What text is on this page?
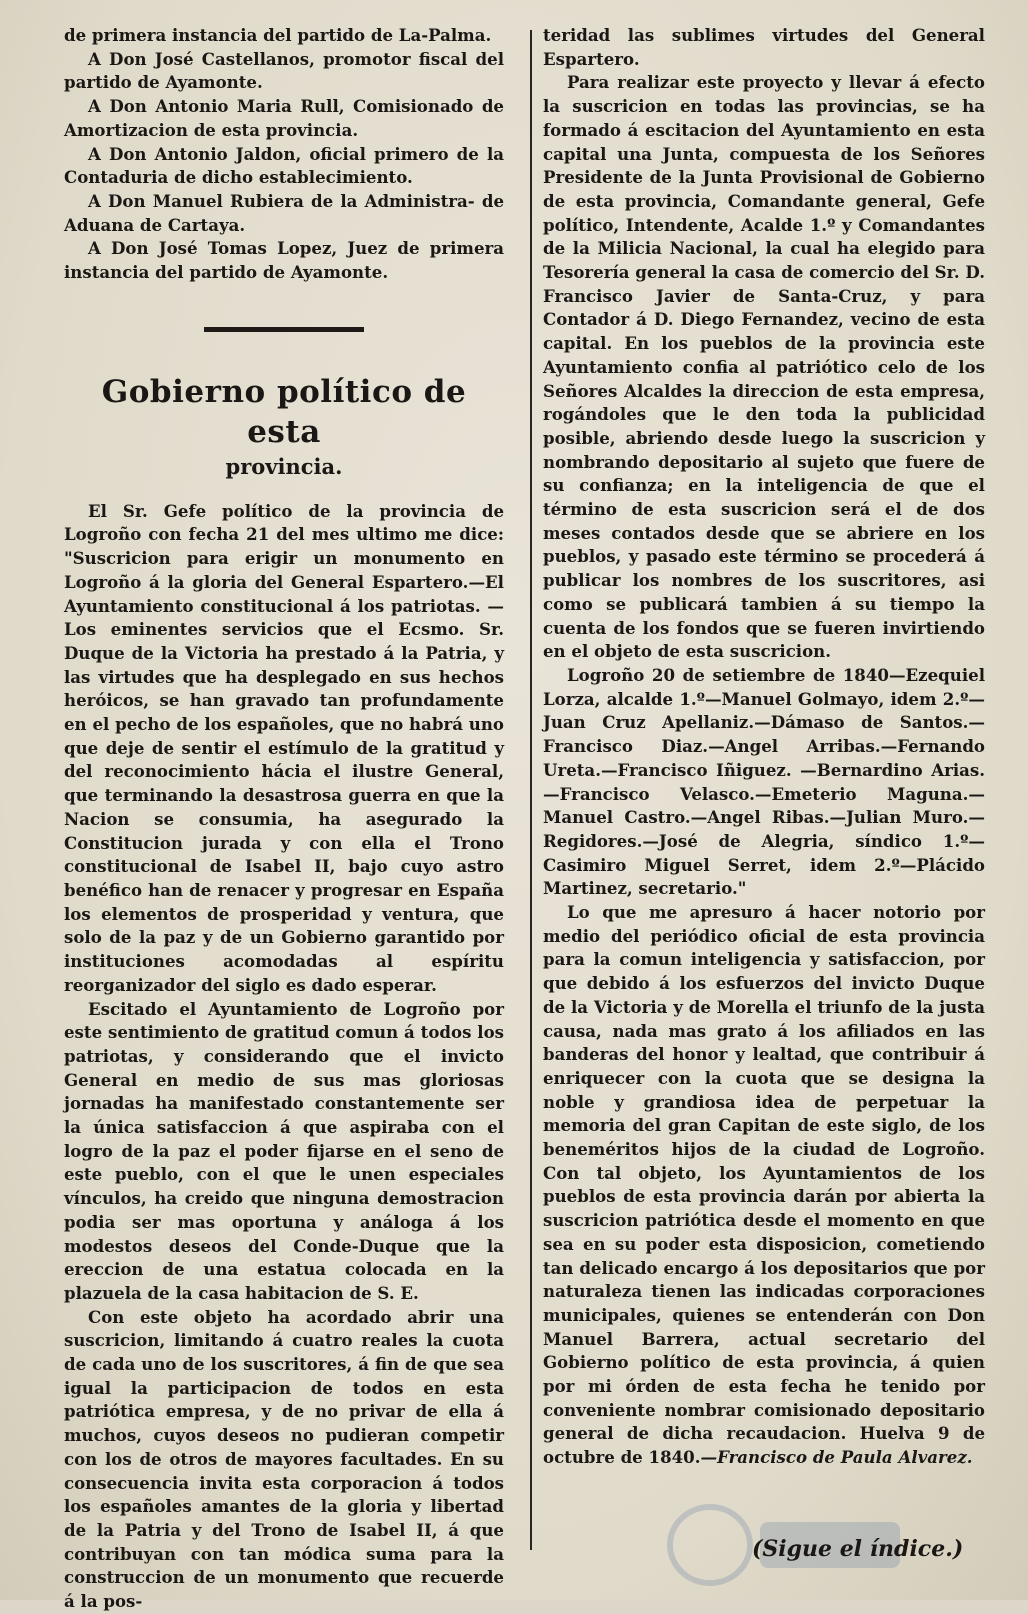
de primera instancia del partido de La-Palma.

A Don José Castellanos, promotor fiscal del partido de Ayamonte.

A Don Antonio Maria Rull, Comisionado de Amortizacion de esta provincia.

A Don Antonio Jaldon, oficial primero de la Contaduria de dicho establecimiento.

A Don Manuel Rubiera de la Administra- de Aduana de Cartaya.

A Don José Tomas Lopez, Juez de primera instancia del partido de Ayamonte.

Gobierno político de esta
provincia.

El Sr. Gefe político de la provincia de Logroño con fecha 21 del mes ultimo me dice: "Suscricion para erigir un monumento en Logroño á la gloria del General Espartero.—El Ayuntamiento constitucional á los patriotas. —Los eminentes servicios que el Ecsmo. Sr. Duque de la Victoria ha prestado á la Patria, y las virtudes que ha desplegado en sus hechos heróicos, se han gravado tan profundamente en el pecho de los españoles, que no habrá uno que deje de sentir el estímulo de la gratitud y del reconocimiento hácia el ilustre General, que terminando la desastrosa guerra en que la Nacion se consumia, ha asegurado la Constitucion jurada y con ella el Trono constitucional de Isabel II, bajo cuyo astro benéfico han de renacer y progresar en España los elementos de prosperidad y ventura, que solo de la paz y de un Gobierno garantido por instituciones acomodadas al espíritu reorganizador del siglo es dado esperar.

Escitado el Ayuntamiento de Logroño por este sentimiento de gratitud comun á todos los patriotas, y considerando que el invicto General en medio de sus mas gloriosas jornadas ha manifestado constantemente ser la única satisfaccion á que aspiraba con el logro de la paz el poder fijarse en el seno de este pueblo, con el que le unen especiales vínculos, ha creido que ninguna demostracion podia ser mas oportuna y análoga á los modestos deseos del Conde-Duque que la ereccion de una estatua colocada en la plazuela de la casa habitacion de S. E.

Con este objeto ha acordado abrir una suscricion, limitando á cuatro reales la cuota de cada uno de los suscritores, á fin de que sea igual la participacion de todos en esta patriótica empresa, y de no privar de ella á muchos, cuyos deseos no pudieran competir con los de otros de mayores facultades. En su consecuencia invita esta corporacion á todos los españoles amantes de la gloria y libertad de la Patria y del Trono de Isabel II, á que contribuyan con tan módica suma para la construccion de un monumento que recuerde á la pos-

teridad las sublimes virtudes del General Espartero.

Para realizar este proyecto y llevar á efecto la suscricion en todas las provincias, se ha formado á escitacion del Ayuntamiento en esta capital una Junta, compuesta de los Señores Presidente de la Junta Provisional de Gobierno de esta provincia, Comandante general, Gefe político, Intendente, Acalde 1.º y Comandantes de la Milicia Nacional, la cual ha elegido para Tesorería general la casa de comercio del Sr. D. Francisco Javier de Santa-Cruz, y para Contador á D. Diego Fernandez, vecino de esta capital. En los pueblos de la provincia este Ayuntamiento confia al patriótico celo de los Señores Alcaldes la direccion de esta empresa, rogándoles que le den toda la publicidad posible, abriendo desde luego la suscricion y nombrando depositario al sujeto que fuere de su confianza; en la inteligencia de que el término de esta suscricion será el de dos meses contados desde que se abriere en los pueblos, y pasado este término se procederá á publicar los nombres de los suscritores, asi como se publicará tambien á su tiempo la cuenta de los fondos que se fueren invirtiendo en el objeto de esta suscricion.

Logroño 20 de setiembre de 1840—Ezequiel Lorza, alcalde 1.º—Manuel Golmayo, idem 2.º—Juan Cruz Apellaniz.—Dámaso de Santos.—Francisco Diaz.—Angel Arribas.—Fernando Ureta.—Francisco Iñiguez. —Bernardino Arias.—Francisco Velasco.—Emeterio Maguna.—Manuel Castro.—Angel Ribas.—Julian Muro.—Regidores.—José de Alegria, síndico 1.º—Casimiro Miguel Serret, idem 2.º—Plácido Martinez, secretario."

Lo que me apresuro á hacer notorio por medio del periódico oficial de esta provincia para la comun inteligencia y satisfaccion, por que debido á los esfuerzos del invicto Duque de la Victoria y de Morella el triunfo de la justa causa, nada mas grato á los afiliados en las banderas del honor y lealtad, que contribuir á enriquecer con la cuota que se designa la noble y grandiosa idea de perpetuar la memoria del gran Capitan de este siglo, de los beneméritos hijos de la ciudad de Logroño. Con tal objeto, los Ayuntamientos de los pueblos de esta provincia darán por abierta la suscricion patriótica desde el momento en que sea en su poder esta disposicion, cometiendo tan delicado encargo á los depositarios que por naturaleza tienen las indicadas corporaciones municipales, quienes se entenderán con Don Manuel Barrera, actual secretario del Gobierno político de esta provincia, á quien por mi órden de esta fecha he tenido por conveniente nombrar comisionado depositario general de dicha recaudacion. Huelva 9 de octubre de 1840.—Francisco de Paula Alvarez.

(Sigue el índice.)
